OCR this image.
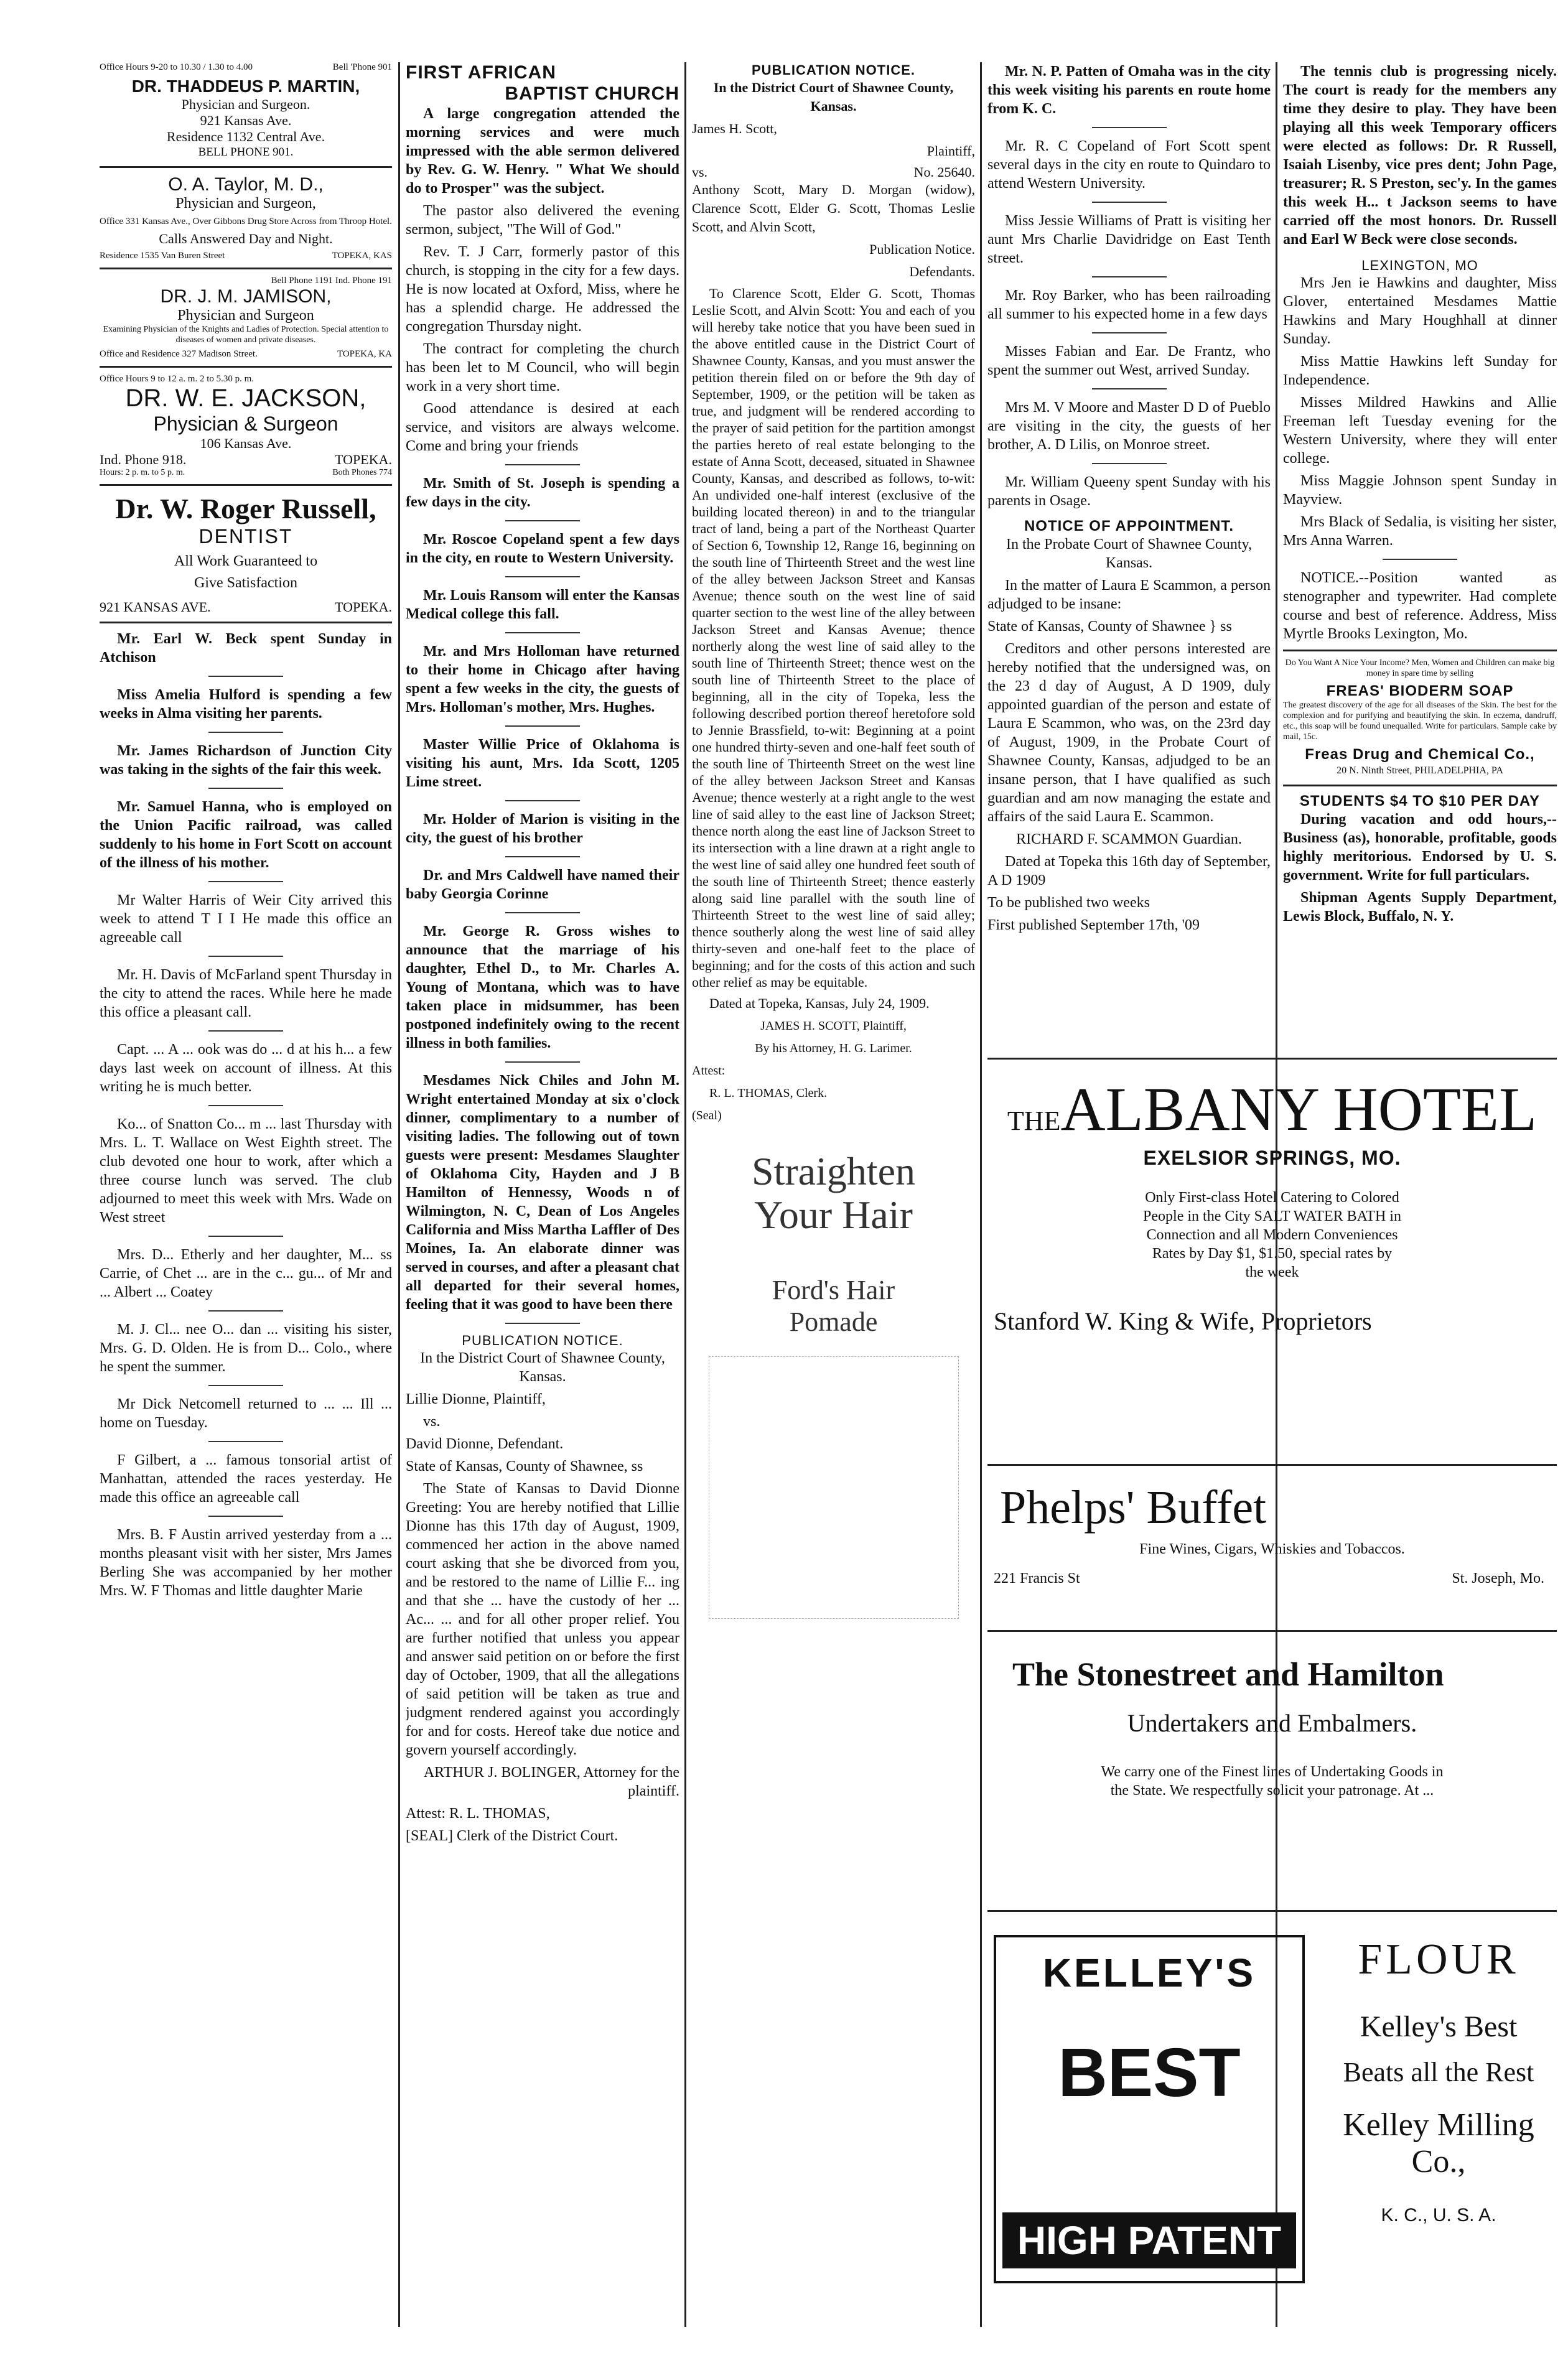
Office Hours 9-20 to 10.30 / 1.30 to 4.00	Bell 'Phone 901
DR. THADDEUS P. MARTIN,
Physician and Surgeon.
921 Kansas Ave.
Residence 1132 Central Ave.
BELL PHONE 901.
O. A. Taylor, M. D.,
Physician and Surgeon,
Office 331 Kansas Ave., Over Gibbons Drug Store Across from Throop Hotel.
Calls Answered Day and Night.
Residence 1535 Van Buren Street	TOPEKA, KAS
Bell Phone 1191 Ind. Phone 191
DR. J. M. JAMISON,
Physician and Surgeon
Examining Physician of the Knights and Ladies of Protection. Special attention to diseases of women and private diseases.
Office and Residence 327 Madison Street.	TOPEKA, KA
Office Hours 9 to 12 a. m. 2 to 5.30 p. m.
DR. W. E. JACKSON,
Physician & Surgeon
106 Kansas Ave.
Ind. Phone 918.	TOPEKA.
Hours: 2 p. m. to 5 p. m.	Both Phones 774
Dr. W. Roger Russell,
DENTIST
All Work Guaranteed to
Give Satisfaction
921 KANSAS AVE.	TOPEKA.

Mr. Earl W. Beck spent Sunday in Atchison

Miss Amelia Hulford is spending a few weeks in Alma visiting her parents.

Mr. James Richardson of Junction City was taking in the sights of the fair this week.

Mr. Samuel Hanna, who is employed on the Union Pacific railroad, was called suddenly to his home in Fort Scott on account of the illness of his mother.

Mr Walter Harris of Weir City arrived this week to attend T I I He made this office an agreeable call

Mr. H. Davis of McFarland spent Thursday in the city to attend the races. While here he made this office a pleasant call.

Capt. ... A ... ook was do ... d at his h... a few days last week on account of illness. At this writing he is much better.

Ko... of Snatton Co... m ... last Thursday with Mrs. L. T. Wallace on West Eighth street. The club devoted one hour to work, after which a three course lunch was served. The club adjourned to meet this week with Mrs. Wade on West street

Mrs. D... Etherly and her daughter, M... ss Carrie, of Chet ... are in the c... gu... of Mr and ... Albert ... Coatey

M. J. Cl... nee O... dan ... visiting his sister, Mrs. G. D. Olden. He is from D... Colo., where he spent the summer.

Mr Dick Netcomell returned to ... ... Ill ... home on Tuesday.

F Gilbert, a ... famous tonsorial artist of Manhattan, attended the races yesterday. He made this office an agreeable call

Mrs. B. F Austin arrived yesterday from a ... months pleasant visit with her sister, Mrs James Berling She was accompanied by her mother Mrs. W. F Thomas and little daughter Marie

FIRST AFRICAN
BAPTIST CHURCH

A large congregation attended the morning services and were much impressed with the able sermon delivered by Rev. G. W. Henry. " What We should do to Prosper" was the subject.

The pastor also delivered the evening sermon, subject, "The Will of God."

Rev. T. J Carr, formerly pastor of this church, is stopping in the city for a few days. He is now located at Oxford, Miss, where he has a splendid charge. He addressed the congregation Thursday night.

The contract for completing the church has been let to M Council, who will begin work in a very short time.

Good attendance is desired at each service, and visitors are always welcome. Come and bring your friends

Mr. Smith of St. Joseph is spending a few days in the city.

Mr. Roscoe Copeland spent a few days in the city, en route to Western University.

Mr. Louis Ransom will enter the Kansas Medical college this fall.

Mr. and Mrs Holloman have returned to their home in Chicago after having spent a few weeks in the city, the guests of Mrs. Holloman's mother, Mrs. Hughes.

Master Willie Price of Oklahoma is visiting his aunt, Mrs. Ida Scott, 1205 Lime street.

Mr. Holder of Marion is visiting in the city, the guest of his brother

Dr. and Mrs Caldwell have named their baby Georgia Corinne

Mr. George R. Gross wishes to announce that the marriage of his daughter, Ethel D., to Mr. Charles A. Young of Montana, which was to have taken place in midsummer, has been postponed indefinitely owing to the recent illness in both families.

Mesdames Nick Chiles and John M. Wright entertained Monday at six o'clock dinner, complimentary to a number of visiting ladies. The following out of town guests were present: Mesdames Slaughter of Oklahoma City, Hayden and J B Hamilton of Hennessy, Woods n of Wilmington, N. C, Dean of Los Angeles California and Miss Martha Laffler of Des Moines, Ia. An elaborate dinner was served in courses, and after a pleasant chat all departed for their several homes, feeling that it was good to have been there

PUBLICATION NOTICE.

In the District Court of Shawnee County, Kansas.

Lillie Dionne, Plaintiff,

vs.

David Dionne, Defendant.

State of Kansas, County of Shawnee, ss

The State of Kansas to David Dionne Greeting: You are hereby notified that Lillie Dionne has this 17th day of August, 1909, commenced her action in the above named court asking that she be divorced from you, and be restored to the name of Lillie F... ing and that she ... have the custody of her ... Ac... ... and for all other proper relief. You are further notified that unless you appear and answer said petition on or before the first day of October, 1909, that all the allegations of said petition will be taken as true and judgment rendered against you accordingly for and for costs. Hereof take due notice and govern yourself accordingly.

ARTHUR J. BOLINGER, Attorney for the plaintiff.

Attest: R. L. THOMAS,

[SEAL] Clerk of the District Court.

PUBLICATION NOTICE.

In the District Court of Shawnee County, Kansas.

James H. Scott,

Plaintiff,

vs.	No. 25640.

Anthony Scott, Mary D. Morgan (widow), Clarence Scott, Elder G. Scott, Thomas Leslie Scott, and Alvin Scott,

Publication Notice.

Defendants.

To Clarence Scott, Elder G. Scott, Thomas Leslie Scott, and Alvin Scott: You and each of you will hereby take notice that you have been sued in the above entitled cause in the District Court of Shawnee County, Kansas, and you must answer the petition therein filed on or before the 9th day of September, 1909, or the petition will be taken as true, and judgment will be rendered according to the prayer of said petition for the partition amongst the parties hereto of real estate belonging to the estate of Anna Scott, deceased, situated in Shawnee County, Kansas, and described as follows, to-wit: An undivided one-half interest (exclusive of the building located thereon) in and to the triangular tract of land, being a part of the Northeast Quarter of Section 6, Township 12, Range 16, beginning on the south line of Thirteenth Street and the west line of the alley between Jackson Street and Kansas Avenue; thence south on the west line of said quarter section to the west line of the alley between Jackson Street and Kansas Avenue; thence northerly along the west line of said alley to the south line of Thirteenth Street; thence west on the south line of Thirteenth Street to the place of beginning, all in the city of Topeka, less the following described portion thereof heretofore sold to Jennie Brassfield, to-wit: Beginning at a point one hundred thirty-seven and one-half feet south of the south line of Thirteenth Street on the west line of the alley between Jackson Street and Kansas Avenue; thence westerly at a right angle to the west line of said alley to the east line of Jackson Street; thence north along the east line of Jackson Street to its intersection with a line drawn at a right angle to the west line of said alley one hundred feet south of the south line of Thirteenth Street; thence easterly along said line parallel with the south line of Thirteenth Street to the west line of said alley; thence southerly along the west line of said alley thirty-seven and one-half feet to the place of beginning; and for the costs of this action and such other relief as may be equitable.

Dated at Topeka, Kansas, July 24, 1909.

JAMES H. SCOTT, Plaintiff,

By his Attorney, H. G. Larimer.

Attest:

R. L. THOMAS, Clerk.

(Seal)

Straighten
Your Hair
Ford's Hair
Pomade

Mr. N. P. Patten of Omaha was in the city this week visiting his parents en route home from K. C.

Mr. R. C Copeland of Fort Scott spent several days in the city en route to Quindaro to attend Western University.

Miss Jessie Williams of Pratt is visiting her aunt Mrs Charlie Davidridge on East Tenth street.

Mr. Roy Barker, who has been railroading all summer to his expected home in a few days

Misses Fabian and Ear. De Frantz, who spent the summer out West, arrived Sunday.

Mrs M. V Moore and Master D D of Pueblo are visiting in the city, the guests of her brother, A. D Lilis, on Monroe street.

Mr. William Queeny spent Sunday with his parents in Osage.

NOTICE OF APPOINTMENT.

In the Probate Court of Shawnee County, Kansas.

In the matter of Laura E Scammon, a person adjudged to be insane:

State of Kansas, County of Shawnee } ss

Creditors and other persons interested are hereby notified that the undersigned was, on the 23 d day of August, A D 1909, duly appointed guardian of the person and estate of Laura E Scammon, who was, on the 23rd day of August, 1909, in the Probate Court of Shawnee County, Kansas, adjudged to be an insane person, that I have qualified as such guardian and am now managing the estate and affairs of the said Laura E. Scammon.

RICHARD F. SCAMMON Guardian.

Dated at Topeka this 16th day of September, A D 1909

To be published two weeks

First published September 17th, '09

The tennis club is progressing nicely. The court is ready for the members any time they desire to play. They have been playing all this week Temporary officers were elected as follows: Dr. R Russell, Isaiah Lisenby, vice pres dent; John Page, treasurer; R. S Preston, sec'y. In the games this week H... t Jackson seems to have carried off the most honors. Dr. Russell and Earl W Beck were close seconds.

LEXINGTON, MO

Mrs Jen ie Hawkins and daughter, Miss Glover, entertained Mesdames Mattie Hawkins and Mary Houghhall at dinner Sunday.

Miss Mattie Hawkins left Sunday for Independence.

Misses Mildred Hawkins and Allie Freeman left Tuesday evening for the Western University, where they will enter college.

Miss Maggie Johnson spent Sunday in Mayview.

Mrs Black of Sedalia, is visiting her sister, Mrs Anna Warren.

NOTICE.--Position wanted as stenographer and typewriter. Had complete course and best of reference. Address, Miss Myrtle Brooks Lexington, Mo.

Do You Want A Nice Your Income? Men, Women and Children can make big money in spare time by selling

FREAS' BIODERM SOAP

The greatest discovery of the age for all diseases of the Skin. The best for the complexion and for purifying and beautifying the skin. In eczema, dandruff, etc., this soap will be found unequalled. Write for particulars. Sample cake by mail, 15c.

Freas Drug and Chemical Co.,

20 N. Ninth Street, PHILADELPHIA, PA

STUDENTS $4 TO $10 PER DAY

During vacation and odd hours,-- Business (as), honorable, profitable, goods highly meritorious. Endorsed by U. S. government. Write for full particulars.

Shipman Agents Supply Department, Lewis Block, Buffalo, N. Y.

THE ALBANY HOTEL
EXELSIOR SPRINGS, MO.

Only First-class Hotel Catering to Colored People in the City SALT WATER BATH in Connection and all Modern Conveniences Rates by Day $1, $1.50, special rates by the week

Stanford W. King & Wife, Proprietors
Phelps' Buffet
Fine Wines, Cigars, Whiskies and Tobaccos.
221 Francis St	St. Joseph, Mo.
The Stonestreet and Hamilton
Undertakers and Embalmers.

We carry one of the Finest lines of Undertaking Goods in the State. We respectfully solicit your patronage. At ...

KELLEY'S
BEST
HIGH PATENT
FLOUR
Kelley's Best
Beats all the Rest
Kelley Milling Co.,
K. C., U. S. A.
